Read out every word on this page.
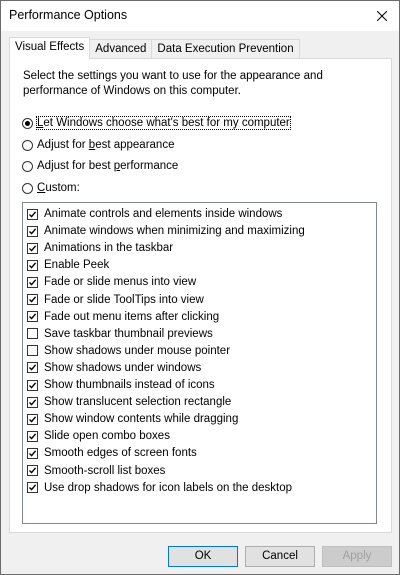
Performance Options
Visual Effects Advanced Data Execution Prevention
Select the settings you want to use for the appearance and performance of Windows on this computer.
Let Windows choose what's best for my computer
Adjust for best appearance
Adjust for best performance
Custom:
Animate controls and elements inside windows
Animate windows when minimizing and maximizing
Animations in the taskbar
Enable Peek
Fade or slide menus into view
Fade or slide ToolTips into view
Fade out menu items after clicking
Save taskbar thumbnail previews
Show shadows under mouse pointer
Show shadows under windows
Show thumbnails instead of icons
Show translucent selection rectangle
Show window contents while dragging
Slide open combo boxes
Smooth edges of screen fonts
Smooth-scroll list boxes
Use drop shadows for icon labels on the desktop
OK	Cancel	Apply
